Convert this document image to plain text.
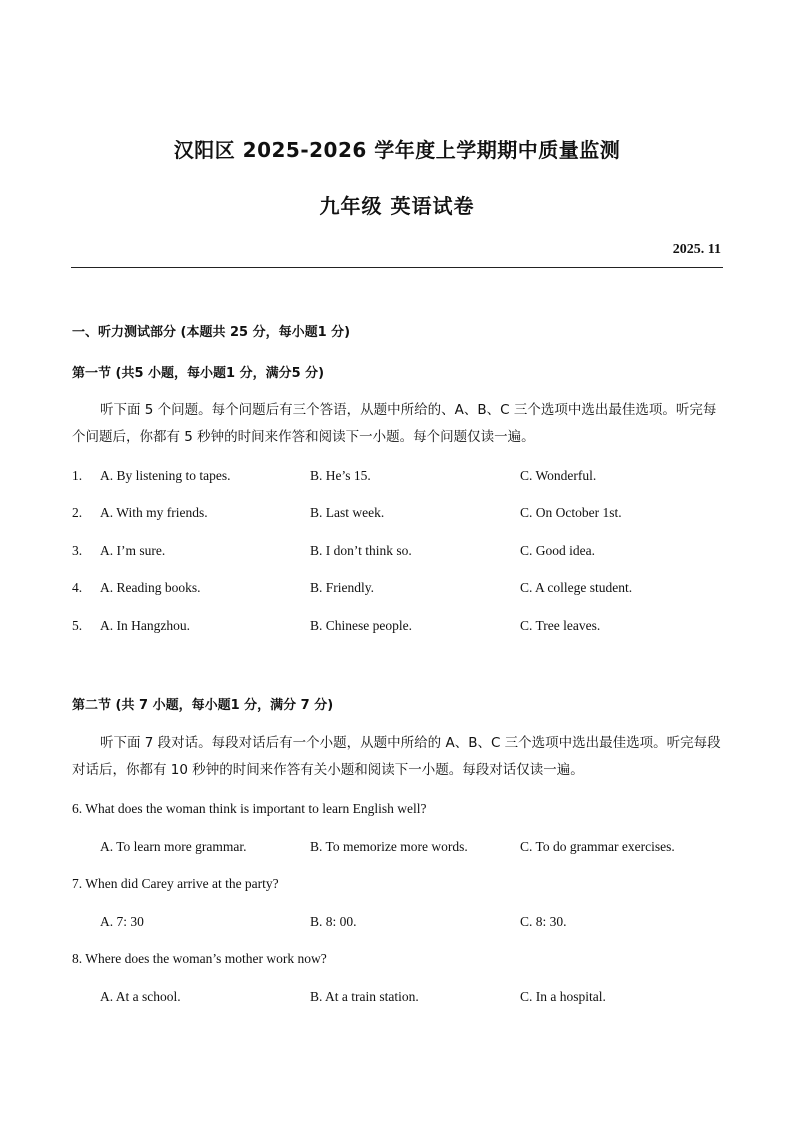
汉阳区 2025-2026 学年度上学期期中质量监测
九年级 英语试卷
2025. 11
一、听力测试部分 (本题共 25 分，每小题1 分)
第一节 (共5 小题，每小题1 分，满分5 分)

听下面 5 个问题。每个问题后有三个答语，从题中所给的、A、B、C 三个选项中选出最佳选项。听完每个问题后，你都有 5 秒钟的时间来作答和阅读下一小题。每个问题仅读一遍。

1. A. By listening to tapes.	B. He’s 15.	C. Wonderful.
2. A. With my friends.	B. Last week.	C. On October 1st.
3. A. I’m sure.	B. I don’t think so.	C. Good idea.
4. A. Reading books.	B. Friendly.	C. A college student.
5. A. In Hangzhou.	B. Chinese people.	C. Tree leaves.
第二节 (共 7 小题，每小题1 分，满分 7 分)

听下面 7 段对话。每段对话后有一个小题，从题中所给的 A、B、C 三个选项中选出最佳选项。听完每段对话后，你都有 10 秒钟的时间来作答有关小题和阅读下一小题。每段对话仅读一遍。

6. What does the woman think is important to learn English well?
A. To learn more grammar.	B. To memorize more words.	C. To do grammar exercises.
7. When did Carey arrive at the party?
A. 7: 30	B. 8: 00.	C. 8: 30.
8. Where does the woman’s mother work now?
A. At a school.	B. At a train station.	C. In a hospital.
